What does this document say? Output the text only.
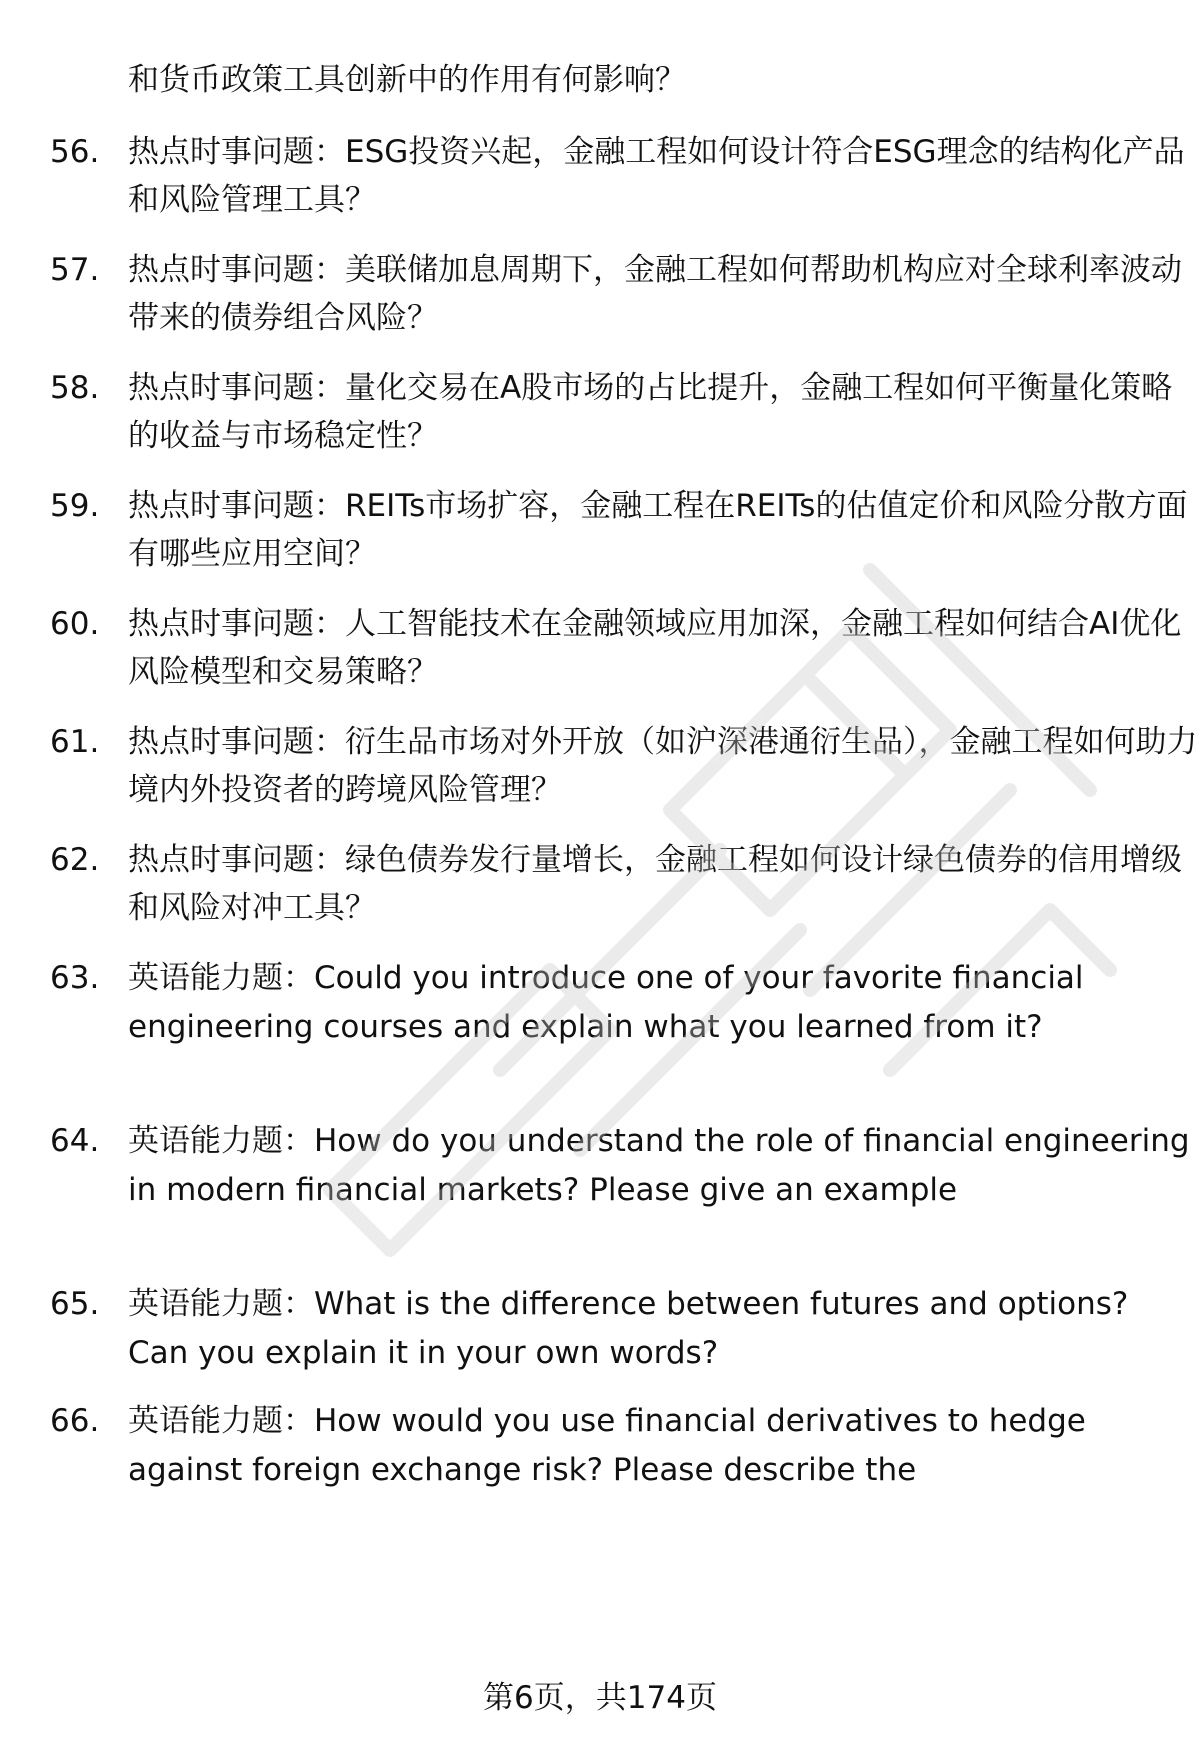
和货币政策工具创新中的作用有何影响？

56. 热点时事问题：ESG投资兴起，金融工程如何设计符合ESG理念的结构化产品和风险管理工具？

57. 热点时事问题：美联储加息周期下，金融工程如何帮助机构应对全球利率波动带来的债券组合风险？

58. 热点时事问题：量化交易在A股市场的占比提升，金融工程如何平衡量化策略的收益与市场稳定性？

59. 热点时事问题：REITs市场扩容，金融工程在REITs的估值定价和风险分散方面有哪些应用空间？

60. 热点时事问题：人工智能技术在金融领域应用加深，金融工程如何结合AI优化风险模型和交易策略？

61. 热点时事问题：衍生品市场对外开放（如沪深港通衍生品），金融工程如何助力境内外投资者的跨境风险管理？

62. 热点时事问题：绿色债券发行量增长，金融工程如何设计绿色债券的信用增级和风险对冲工具？

63. 英语能力题：Could you introduce one of your favorite financial engineering courses and explain what you learned from it?

64. 英语能力题：How do you understand the role of financial engineering in modern financial markets? Please give an example

65. 英语能力题：What is the difference between futures and options? Can you explain it in your own words?

66. 英语能力题：How would you use financial derivatives to hedge against foreign exchange risk? Please describe the

第6页，共174页
